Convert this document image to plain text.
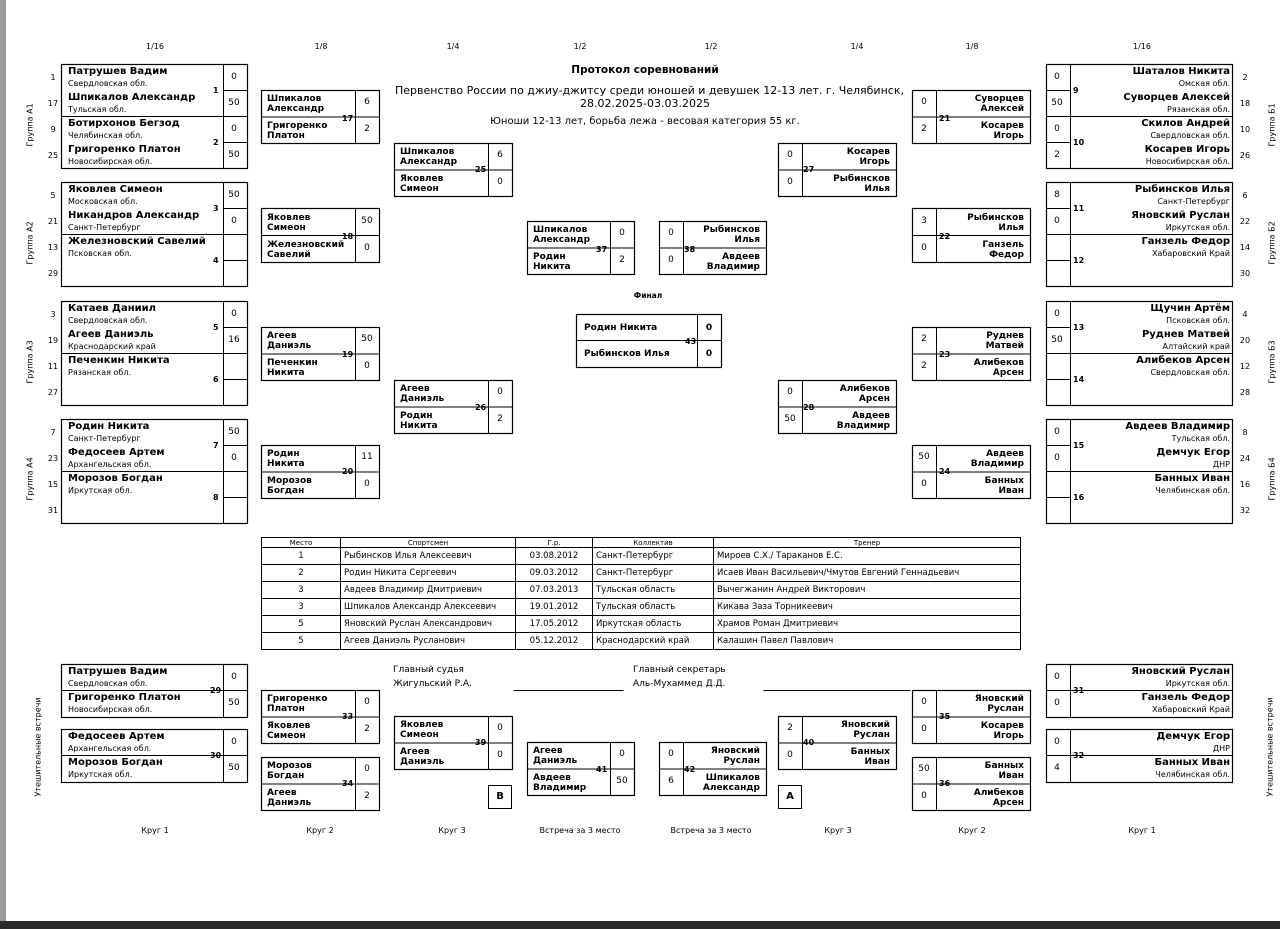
Протокол соревнований
Первенство России по джиу-джитсу среди юношей и девушек 12-13 лет. г. Челябинск,
28.02.2025-03.03.2025
Юноши 12-13 лет, борьба лежа - весовая категория 55 кг.
Финал
1/16	1/8	1/4	1/2	1/2	1/4	1/8	1/16
Группа А1	Группа Б1
Группа А2	Группа Б2
Группа А3	Группа Б3
Группа А4	Группа Б4
1
Патрушев Вадим
Свердловская обл.
0
17
Шпикалов Александр
Тульская обл.
50
9
Ботирхонов Бегзод
Челябинская обл.
0
25
Григоренко Платон
Новосибирская обл.
50
1
2
5
Яковлев Симеон
Московская обл.
50
21
Никандров Александр
Санкт-Петербург
0
13
Железновский Савелий
Псковская обл.
29
3
4
3
Катаев Даниил
Свердловская обл.
0
19
Агеев Даниэль
Краснодарский край
16
11
Печенкин Никита
Рязанская обл.
27
5
6
7
Родин Никита
Санкт-Петербург
50
23
Федосеев Артем
Архангельская обл.
0
15
Морозов Богдан
Иркутская обл.
31
7
8
2
Шаталов Никита
Омская обл.
0
18
Суворцев Алексей
Рязанская обл.
50
10
Скилов Андрей
Свердловская обл.
0
26
Косарев Игорь
Новосибирская обл.
2
9
10
6
Рыбинсков Илья
Санкт-Петербург
8
22
Яновский Руслан
Иркутская обл.
0
14
Ганзель Федор
Хабаровский Край
30
11
12
4
Щучин Артём
Псковская обл.
0
20
Руднев Матвей
Алтайский край
50
12
Алибеков Арсен
Свердловская обл.
28
13
14
8
Авдеев Владимир
Тульская обл.
0
24
Демчук Егор
ДНР
0
16
Банных Иван
Челябинская обл.
32
15
16
Шпикалов
Александр
Григоренко
Платон
6
2
17
Яковлев
Симеон
Железновский
Савелий
50
0
18
Агеев
Даниэль
Печенкин
Никита
50
0
19
Родин
Никита
Морозов
Богдан
11
0
20
Суворцев
Алексей
Косарев
Игорь
0
2
21
Рыбинсков
Илья
Ганзель
Федор
3
0
22
Руднев
Матвей
Алибеков
Арсен
2
2
23
Авдеев
Владимир
Банных
Иван
50
0
24
Шпикалов
Александр
Яковлев
Симеон
6
0
25
Агеев
Даниэль
Родин
Никита
0
2
26
Косарев
Игорь
Рыбинсков
Илья
0
0
27
Алибеков
Арсен
Авдеев
Владимир
0
50
28
Шпикалов
Александр
Родин
Никита
0
2
37
Рыбинсков
Илья
Авдеев
Владимир
0
0
38
Родин Никита
Рыбинсков Илья
0
0
43
Утешительные встречи	Утешительные встречи
Патрушев Вадим
Свердловская обл.
0
Григоренко Платон
Новосибирская обл.
50
29
Федосеев Артем
Архангельская обл.
0
Морозов Богдан
Иркутская обл.
50
30
Яновский Руслан
Иркутская обл.
0
Ганзель Федор
Хабаровский Край
0
31
Демчук Егор
ДНР
0
Банных Иван
Челябинская обл.
4
32
Григоренко
Платон
Яковлев
Симеон
0
2
33
Морозов
Богдан
Агеев
Даниэль
0
2
34
Яновский
Руслан
Косарев
Игорь
0
0
35
Банных
Иван
Алибеков
Арсен
50
0
36
Яковлев
Симеон
Агеев
Даниэль
0
0
39
Яновский
Руслан
Банных
Иван
2
0
40
Агеев
Даниэль
Авдеев
Владимир
0
50
41
Яновский
Руслан
Шпикалов
Александр
0
6
42
Круг 1	Круг 2	Круг 3	Встреча за 3 место	Встреча за 3 место	Круг 3	Круг 2	Круг 1
Место	Спортсмен	Г.р.	Коллектив	Тренер
1	Рыбинсков Илья Алексеевич	03.08.2012	Санкт-Петербург	Мироев С.Х./ Тараканов Е.С.
2	Родин Никита Сергеевич	09.03.2012	Санкт-Петербург	Исаев Иван Васильевич/Чмутов Евгений Геннадьевич
3	Авдеев Владимир Дмитриевич	07.03.2013	Тульская область	Вычегжанин Андрей Викторович
3	Шпикалов Александр Алексеевич	19.01.2012	Тульская область	Кикава Заза Торникеевич
5	Яновский Руслан Александрович	17.05.2012	Иркутская область	Храмов Роман Дмитриевич
5	Агеев Даниэль Русланович	05.12.2012	Краснодарский край	Калашин Павел Павлович
Главный судья
Жигульский Р.А.
Главный секретарь
Аль-Мухаммед Д.Д.
B	A
